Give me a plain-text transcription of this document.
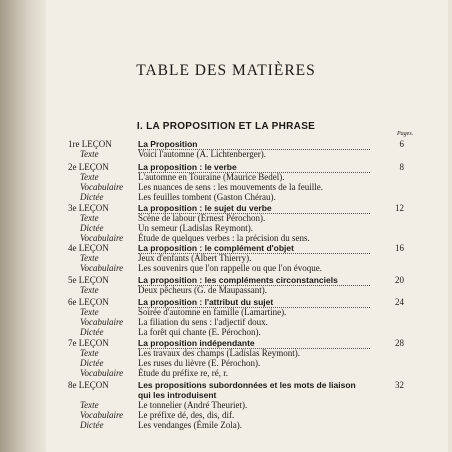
TABLE DES MATIÈRES
I. LA PROPOSITION ET LA PHRASE
Pages.
1re LEÇON	La Proposition	6
Texte	Voici l'automne (A. Lichtenberger).
2e LEÇON	La proposition : le verbe	8
Texte	L'automne en Touraine (Maurice Bedel).
Vocabulaire Les nuances de sens : les mouvements de la feuille.
Dictée	Les feuilles tombent (Gaston Chérau).
3e LEÇON	La proposition : le sujet du verbe	12
Texte	Scène de labour (Ernest Pérochon).
Dictée	Un semeur (Ladislas Reymont).
Vocabulaire Étude de quelques verbes : la précision du sens.
4e LEÇON	La proposition : le complément d'objet	16
Texte	Jeux d'enfants (Albert Thierry).
Vocabulaire Les souvenirs que l'on rappelle ou que l'on évoque.
5e LEÇON	La proposition : les compléments circonstanciels	20
Texte	Deux pêcheurs (G. de Maupassant).
6e LEÇON	La proposition : l'attribut du sujet	24
Texte	Soirée d'automne en famille (Lamartine).
Vocabulaire La filiation du sens : l'adjectif doux.
Dictée	La forêt qui chante (E. Pérochon).
7e LEÇON	La proposition indépendante	28
Texte	Les travaux des champs (Ladislas Reymont).
Dictée	Les ruses du lièvre (E. Pérochon).
Vocabulaire Étude du préfixe re, ré, r.
8e LEÇON	Les propositions subordonnées et les mots de liaison qui les introduisent
32
Texte	Le tonnelier (André Theuriet).
Vocabulaire Le préfixe dé, des, dis, dif.
Dictée	Les vendanges (Émile Zola).
